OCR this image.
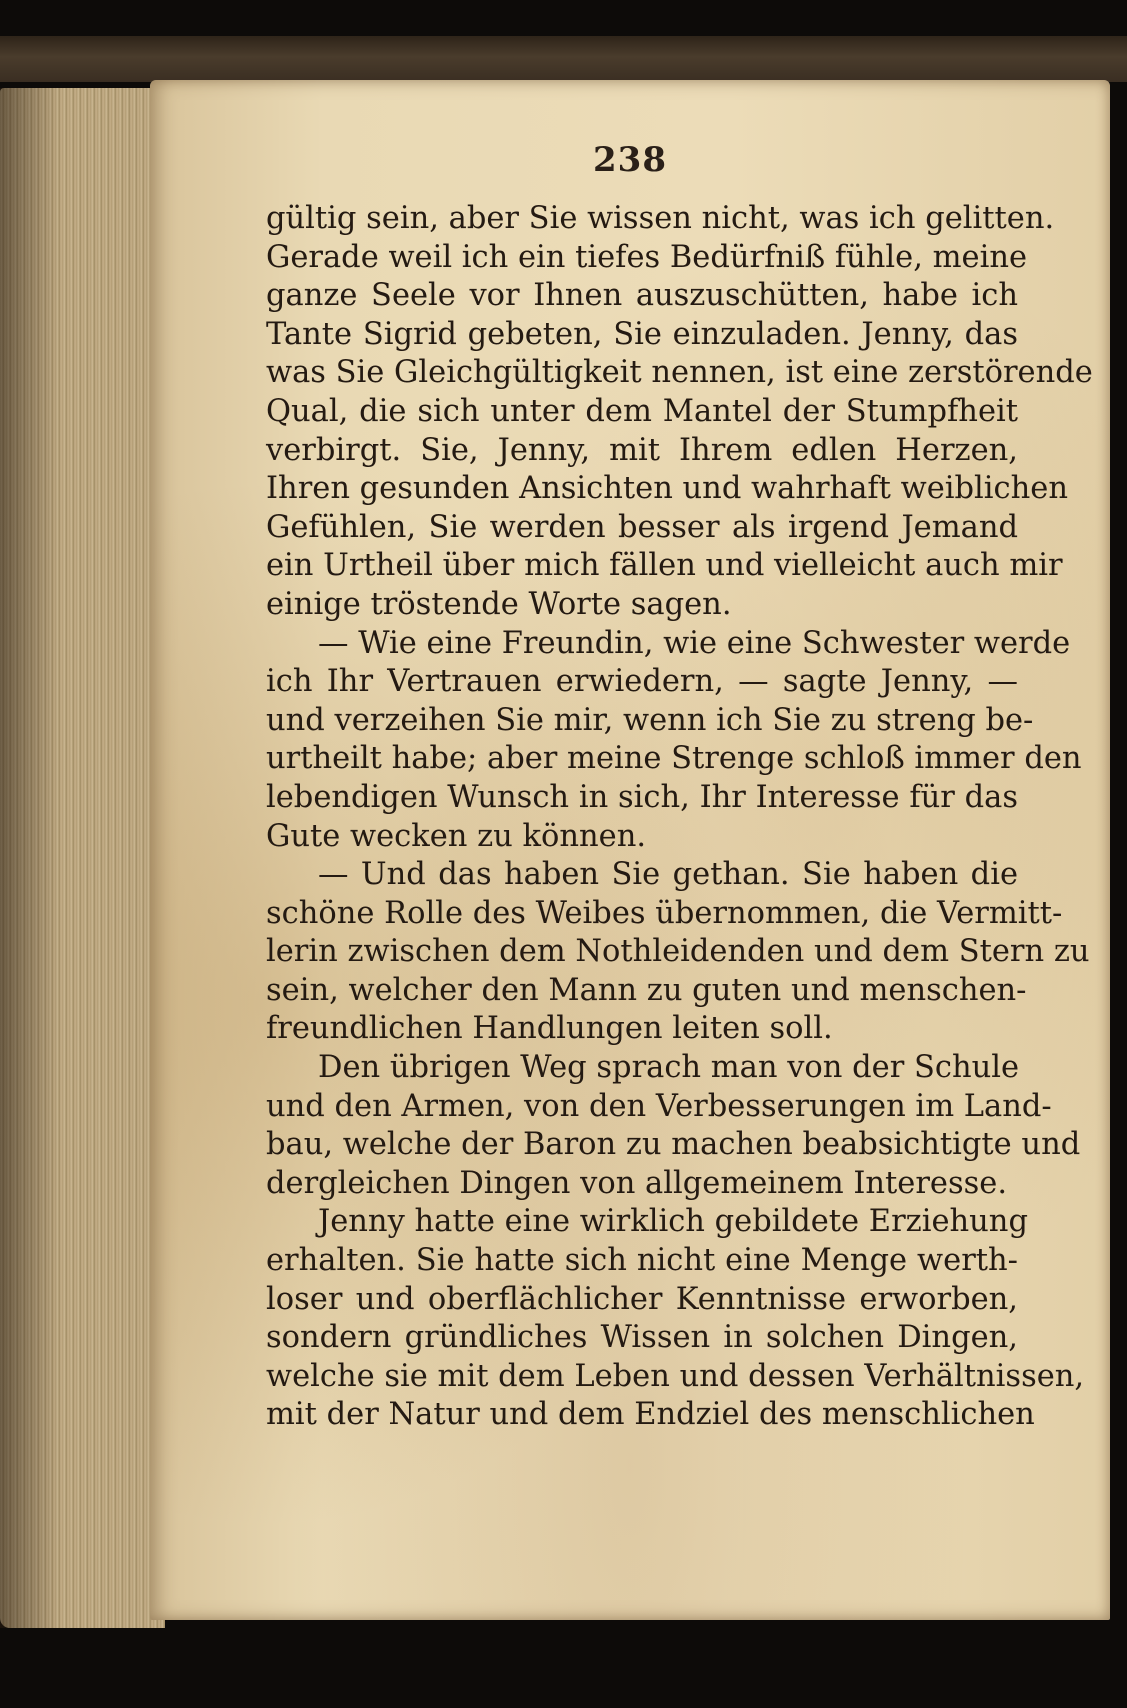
238

gültig sein, aber Sie wissen nicht, was ich gelitten.
Gerade weil ich ein tiefes Bedürfniß fühle, meine
ganze Seele vor Ihnen auszuschütten, habe ich
Tante Sigrid gebeten, Sie einzuladen. Jenny, das
was Sie Gleichgültigkeit nennen, ist eine zerstörende
Qual, die sich unter dem Mantel der Stumpfheit
verbirgt. Sie, Jenny, mit Ihrem edlen Herzen,
Ihren gesunden Ansichten und wahrhaft weiblichen
Gefühlen, Sie werden besser als irgend Jemand
ein Urtheil über mich fällen und vielleicht auch mir
einige tröstende Worte sagen.

— Wie eine Freundin, wie eine Schwester werde
ich Ihr Vertrauen erwiedern, — sagte Jenny, —
und verzeihen Sie mir, wenn ich Sie zu streng be-
urtheilt habe; aber meine Strenge schloß immer den
lebendigen Wunsch in sich, Ihr Interesse für das
Gute wecken zu können.

— Und das haben Sie gethan. Sie haben die
schöne Rolle des Weibes übernommen, die Vermitt-
lerin zwischen dem Nothleidenden und dem Stern zu
sein, welcher den Mann zu guten und menschen-
freundlichen Handlungen leiten soll.

Den übrigen Weg sprach man von der Schule
und den Armen, von den Verbesserungen im Land-
bau, welche der Baron zu machen beabsichtigte und
dergleichen Dingen von allgemeinem Interesse.

Jenny hatte eine wirklich gebildete Erziehung
erhalten. Sie hatte sich nicht eine Menge werth-
loser und oberflächlicher Kenntnisse erworben,
sondern gründliches Wissen in solchen Dingen,
welche sie mit dem Leben und dessen Verhältnissen,
mit der Natur und dem Endziel des menschlichen
